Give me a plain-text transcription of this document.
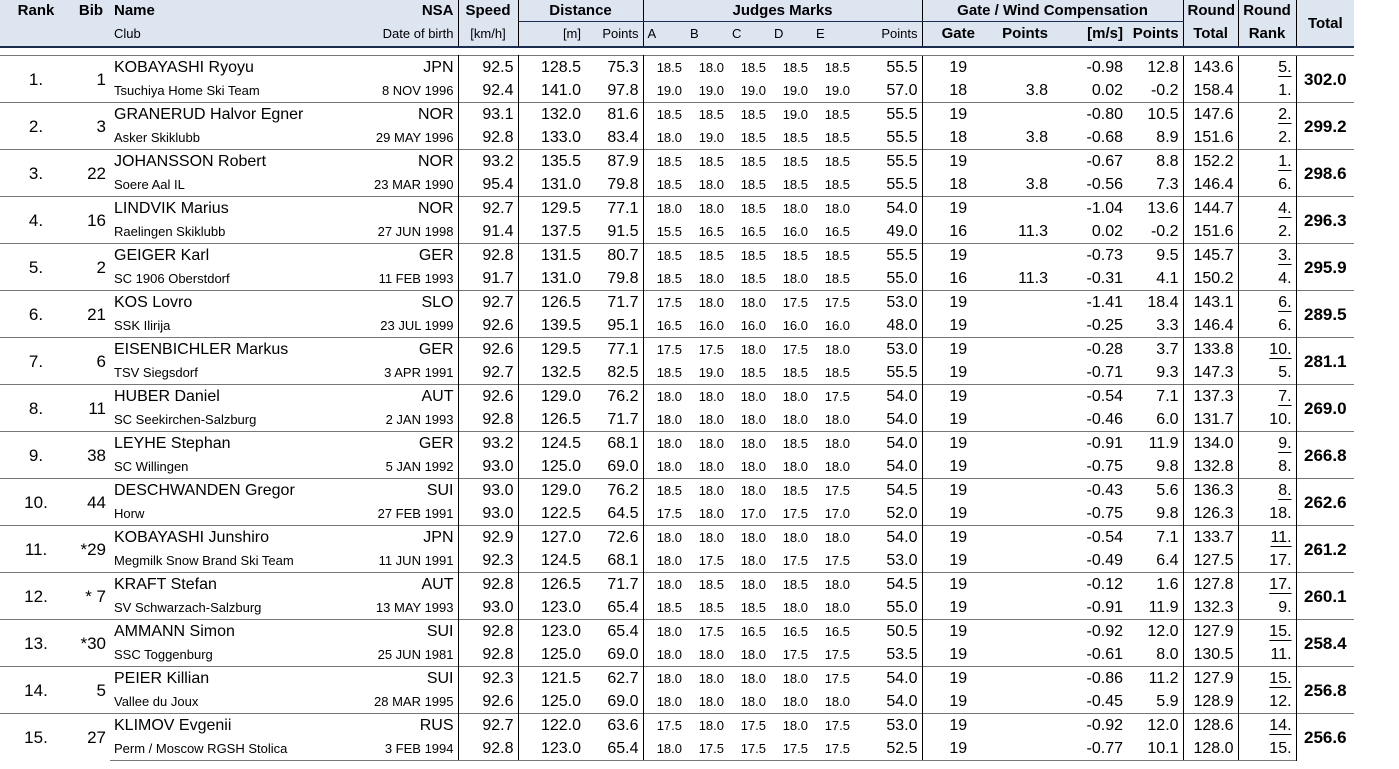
Rank	Bib	Name	NSA	Speed	Distance		Judges Marks						Gate / Wind Compensation				Round	Round	Total
		Club	Date of birth	[km/h]	[m]	Points	A	B	C	D	E	Points	Gate	Points	[m/s]	Points	Total	Rank	

1.	1	KOBAYASHI Ryoyu	JPN	92.5	128.5	75.3	18.5	18.0	18.5	18.5	18.5	55.5	19		-0.98	12.8	143.6	5.	302.0
		Tsuchiya Home Ski Team	8 NOV 1996	92.4	141.0	97.8	19.0	19.0	19.0	19.0	19.0	57.0	18	3.8	0.02	-0.2	158.4	1.	
2.	3	GRANERUD Halvor Egner	NOR	93.1	132.0	81.6	18.5	18.5	18.5	19.0	18.5	55.5	19		-0.80	10.5	147.6	2.	299.2
		Asker Skiklubb	29 MAY 1996	92.8	133.0	83.4	18.0	19.0	18.5	18.5	18.5	55.5	18	3.8	-0.68	8.9	151.6	2.	
3.	22	JOHANSSON Robert	NOR	93.2	135.5	87.9	18.5	18.5	18.5	18.5	18.5	55.5	19		-0.67	8.8	152.2	1.	298.6
		Soere Aal IL	23 MAR 1990	95.4	131.0	79.8	18.5	18.0	18.5	18.5	18.5	55.5	18	3.8	-0.56	7.3	146.4	6.	
4.	16	LINDVIK Marius	NOR	92.7	129.5	77.1	18.0	18.0	18.5	18.0	18.0	54.0	19		-1.04	13.6	144.7	4.	296.3
		Raelingen Skiklubb	27 JUN 1998	91.4	137.5	91.5	15.5	16.5	16.5	16.0	16.5	49.0	16	11.3	0.02	-0.2	151.6	2.	
5.	2	GEIGER Karl	GER	92.8	131.5	80.7	18.5	18.5	18.5	18.5	18.5	55.5	19		-0.73	9.5	145.7	3.	295.9
		SC 1906 Oberstdorf	11 FEB 1993	91.7	131.0	79.8	18.5	18.0	18.5	18.0	18.5	55.0	16	11.3	-0.31	4.1	150.2	4.	
6.	21	KOS Lovro	SLO	92.7	126.5	71.7	17.5	18.0	18.0	17.5	17.5	53.0	19		-1.41	18.4	143.1	6.	289.5
		SSK Ilirija	23 JUL 1999	92.6	139.5	95.1	16.5	16.0	16.0	16.0	16.0	48.0	19		-0.25	3.3	146.4	6.	
7.	6	EISENBICHLER Markus	GER	92.6	129.5	77.1	17.5	17.5	18.0	17.5	18.0	53.0	19		-0.28	3.7	133.8	10.	281.1
		TSV Siegsdorf	3 APR 1991	92.7	132.5	82.5	18.5	19.0	18.5	18.5	18.5	55.5	19		-0.71	9.3	147.3	5.	
8.	11	HUBER Daniel	AUT	92.6	129.0	76.2	18.0	18.0	18.0	18.0	17.5	54.0	19		-0.54	7.1	137.3	7.	269.0
		SC Seekirchen-Salzburg	2 JAN 1993	92.8	126.5	71.7	18.0	18.0	18.0	18.0	18.0	54.0	19		-0.46	6.0	131.7	10.	
9.	38	LEYHE Stephan	GER	93.2	124.5	68.1	18.0	18.0	18.0	18.5	18.0	54.0	19		-0.91	11.9	134.0	9.	266.8
		SC Willingen	5 JAN 1992	93.0	125.0	69.0	18.0	18.0	18.0	18.0	18.0	54.0	19		-0.75	9.8	132.8	8.	
10.	44	DESCHWANDEN Gregor	SUI	93.0	129.0	76.2	18.5	18.0	18.0	18.5	17.5	54.5	19		-0.43	5.6	136.3	8.	262.6
		Horw	27 FEB 1991	93.0	122.5	64.5	17.5	18.0	17.0	17.5	17.0	52.0	19		-0.75	9.8	126.3	18.	
11.	*29	KOBAYASHI Junshiro	JPN	92.9	127.0	72.6	18.0	18.0	18.0	18.0	18.0	54.0	19		-0.54	7.1	133.7	11.	261.2
		Megmilk Snow Brand Ski Team	11 JUN 1991	92.3	124.5	68.1	18.0	17.5	18.0	17.5	17.5	53.0	19		-0.49	6.4	127.5	17.	
12.	* 7	KRAFT Stefan	AUT	92.8	126.5	71.7	18.0	18.5	18.0	18.5	18.0	54.5	19		-0.12	1.6	127.8	17.	260.1
		SV Schwarzach-Salzburg	13 MAY 1993	93.0	123.0	65.4	18.5	18.5	18.5	18.0	18.0	55.0	19		-0.91	11.9	132.3	9.	
13.	*30	AMMANN Simon	SUI	92.8	123.0	65.4	18.0	17.5	16.5	16.5	16.5	50.5	19		-0.92	12.0	127.9	15.	258.4
		SSC Toggenburg	25 JUN 1981	92.8	125.0	69.0	18.0	18.0	18.0	17.5	17.5	53.5	19		-0.61	8.0	130.5	11.	
14.	5	PEIER Killian	SUI	92.3	121.5	62.7	18.0	18.0	18.0	18.0	17.5	54.0	19		-0.86	11.2	127.9	15.	256.8
		Vallee du Joux	28 MAR 1995	92.6	125.0	69.0	18.0	18.0	18.0	18.0	18.0	54.0	19		-0.45	5.9	128.9	12.	
15.	27	KLIMOV Evgenii	RUS	92.7	122.0	63.6	17.5	18.0	17.5	18.0	17.5	53.0	19		-0.92	12.0	128.6	14.	256.6
		Perm / Moscow RGSH Stolica	3 FEB 1994	92.8	123.0	65.4	18.0	17.5	17.5	17.5	17.5	52.5	19		-0.77	10.1	128.0	15.	
